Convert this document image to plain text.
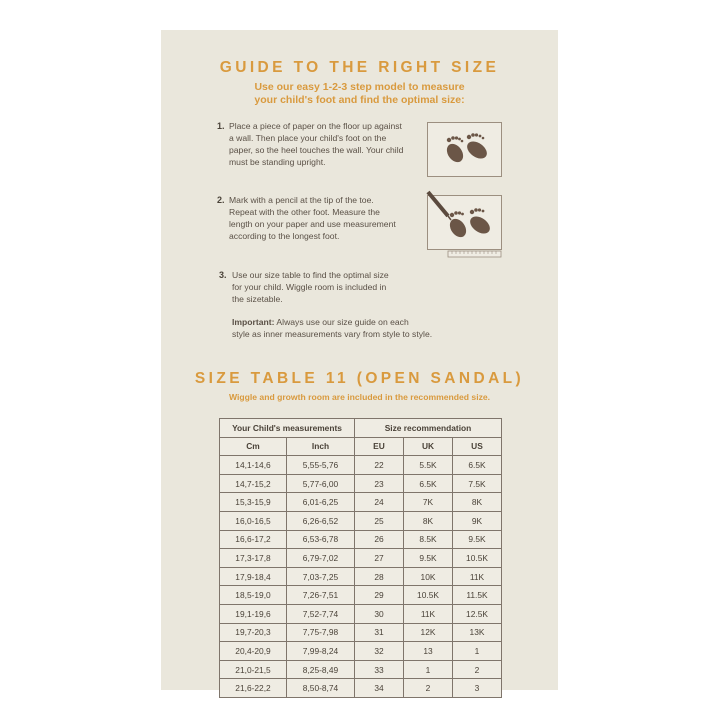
GUIDE TO THE RIGHT SIZE
Use our easy 1-2-3 step model to measure
your child's foot and find the optimal size:
1. Place a piece of paper on the floor up against
a wall. Then place your child's foot on the
paper, so the heel touches the wall. Your child
must be standing upright.
2. Mark with a pencil at the tip of the toe.
Repeat with the other foot. Measure the
length on your paper and use measurement
according to the longest foot.
3. Use our size table to find the optimal size
for your child. Wiggle room is included in
the sizetable.
Important: Always use our size guide on each
style as inner measurements vary from style to style.
SIZE TABLE 11 (OPEN SANDAL)
Wiggle and growth room are included in the recommended size.
Your Child's measurements		Size recommendation		
Cm	Inch	EU	UK	US
14,1-14,6	5,55-5,76	22	5.5K	6.5K
14,7-15,2	5,77-6,00	23	6.5K	7.5K
15,3-15,9	6,01-6,25	24	7K	8K
16,0-16,5	6,26-6,52	25	8K	9K
16,6-17,2	6,53-6,78	26	8.5K	9.5K
17,3-17,8	6,79-7,02	27	9.5K	10.5K
17,9-18,4	7,03-7,25	28	10K	11K
18,5-19,0	7,26-7,51	29	10.5K	11.5K
19,1-19,6	7,52-7,74	30	11K	12.5K
19,7-20,3	7,75-7,98	31	12K	13K
20,4-20,9	7,99-8,24	32	13	1
21,0-21,5	8,25-8,49	33	1	2
21,6-22,2	8,50-8,74	34	2	3
